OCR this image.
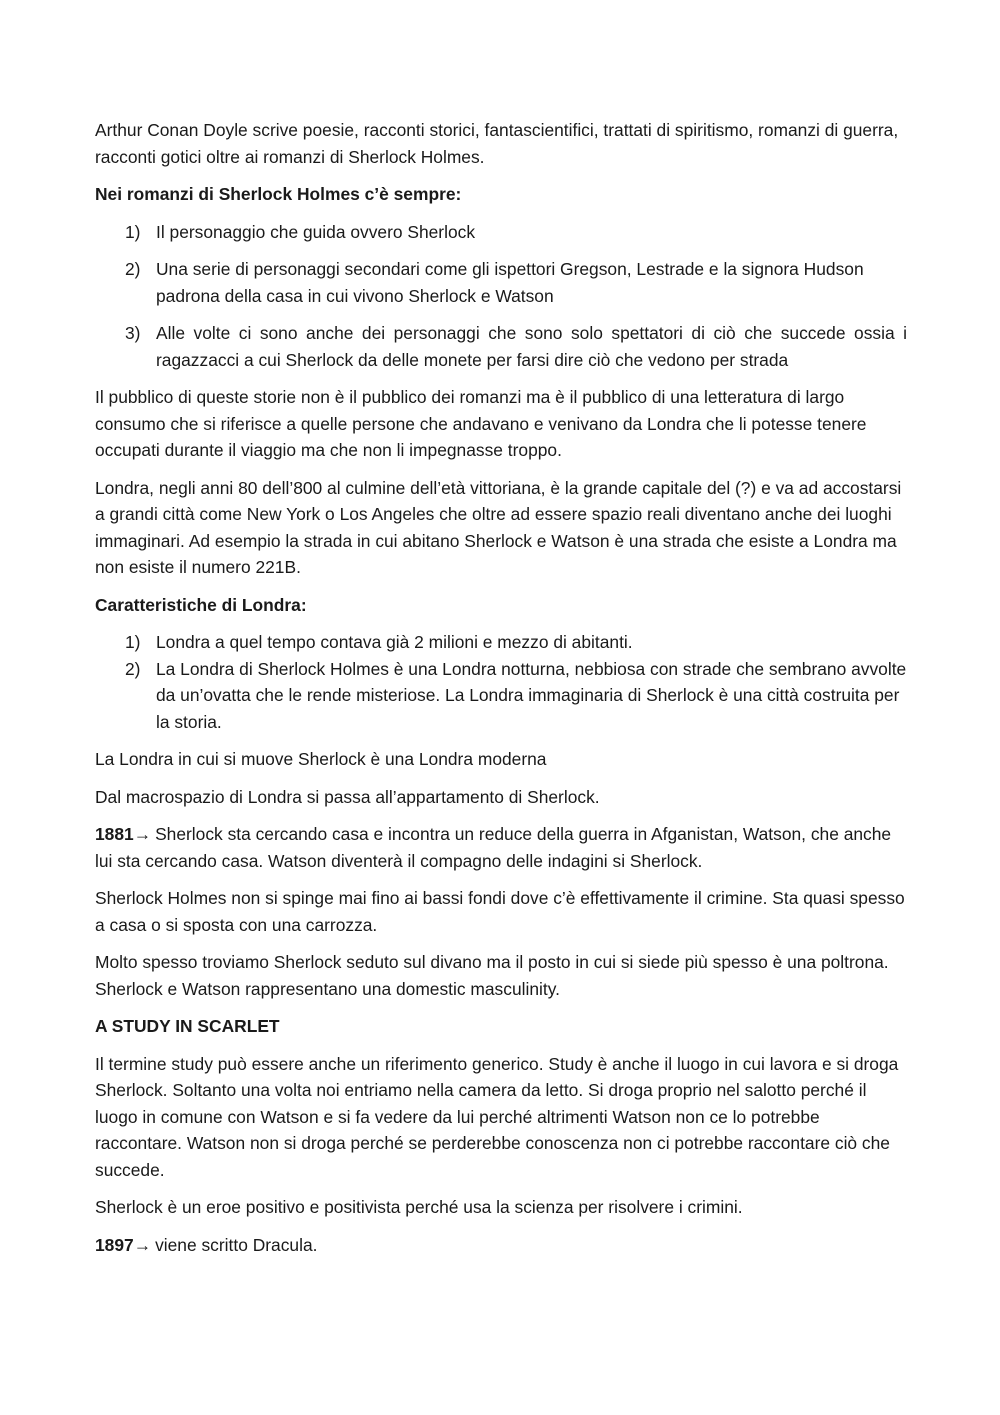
Arthur Conan Doyle scrive poesie, racconti storici, fantascientifici, trattati di spiritismo, romanzi di guerra, racconti gotici oltre ai romanzi di Sherlock Holmes.

Nei romanzi di Sherlock Holmes c’è sempre:

1) Il personaggio che guida ovvero Sherlock
2) Una serie di personaggi secondari come gli ispettori Gregson, Lestrade e la signora Hudson padrona della casa in cui vivono Sherlock e Watson
3) Alle volte ci sono anche dei personaggi che sono solo spettatori di ciò che succede ossia i ragazzacci a cui Sherlock da delle monete per farsi dire ciò che vedono per strada

Il pubblico di queste storie non è il pubblico dei romanzi ma è il pubblico di una letteratura di largo consumo che si riferisce a quelle persone che andavano e venivano da Londra che li potesse tenere occupati durante il viaggio ma che non li impegnasse troppo.

Londra, negli anni 80 dell’800 al culmine dell’età vittoriana, è la grande capitale del (?) e va ad accostarsi a grandi città come New York o Los Angeles che oltre ad essere spazio reali diventano anche dei luoghi immaginari. Ad esempio la strada in cui abitano Sherlock e Watson è una strada che esiste a Londra ma non esiste il numero 221B.

Caratteristiche di Londra:

1) Londra a quel tempo contava già 2 milioni e mezzo di abitanti.
2) La Londra di Sherlock Holmes è una Londra notturna, nebbiosa con strade che sembrano avvolte da un’ovatta che le rende misteriose. La Londra immaginaria di Sherlock è una città costruita per la storia.

La Londra in cui si muove Sherlock è una Londra moderna

Dal macrospazio di Londra si passa all’appartamento di Sherlock.

1881→ Sherlock sta cercando casa e incontra un reduce della guerra in Afganistan, Watson, che anche lui sta cercando casa. Watson diventerà il compagno delle indagini si Sherlock.

Sherlock Holmes non si spinge mai fino ai bassi fondi dove c’è effettivamente il crimine. Sta quasi spesso a casa o si sposta con una carrozza.

Molto spesso troviamo Sherlock seduto sul divano ma il posto in cui si siede più spesso è una poltrona. Sherlock e Watson rappresentano una domestic masculinity.

A STUDY IN SCARLET

Il termine study può essere anche un riferimento generico. Study è anche il luogo in cui lavora e si droga Sherlock. Soltanto una volta noi entriamo nella camera da letto. Si droga proprio nel salotto perché il luogo in comune con Watson e si fa vedere da lui perché altrimenti Watson non ce lo potrebbe raccontare. Watson non si droga perché se perderebbe conoscenza non ci potrebbe raccontare ciò che succede.

Sherlock è un eroe positivo e positivista perché usa la scienza per risolvere i crimini.

1897→ viene scritto Dracula.
